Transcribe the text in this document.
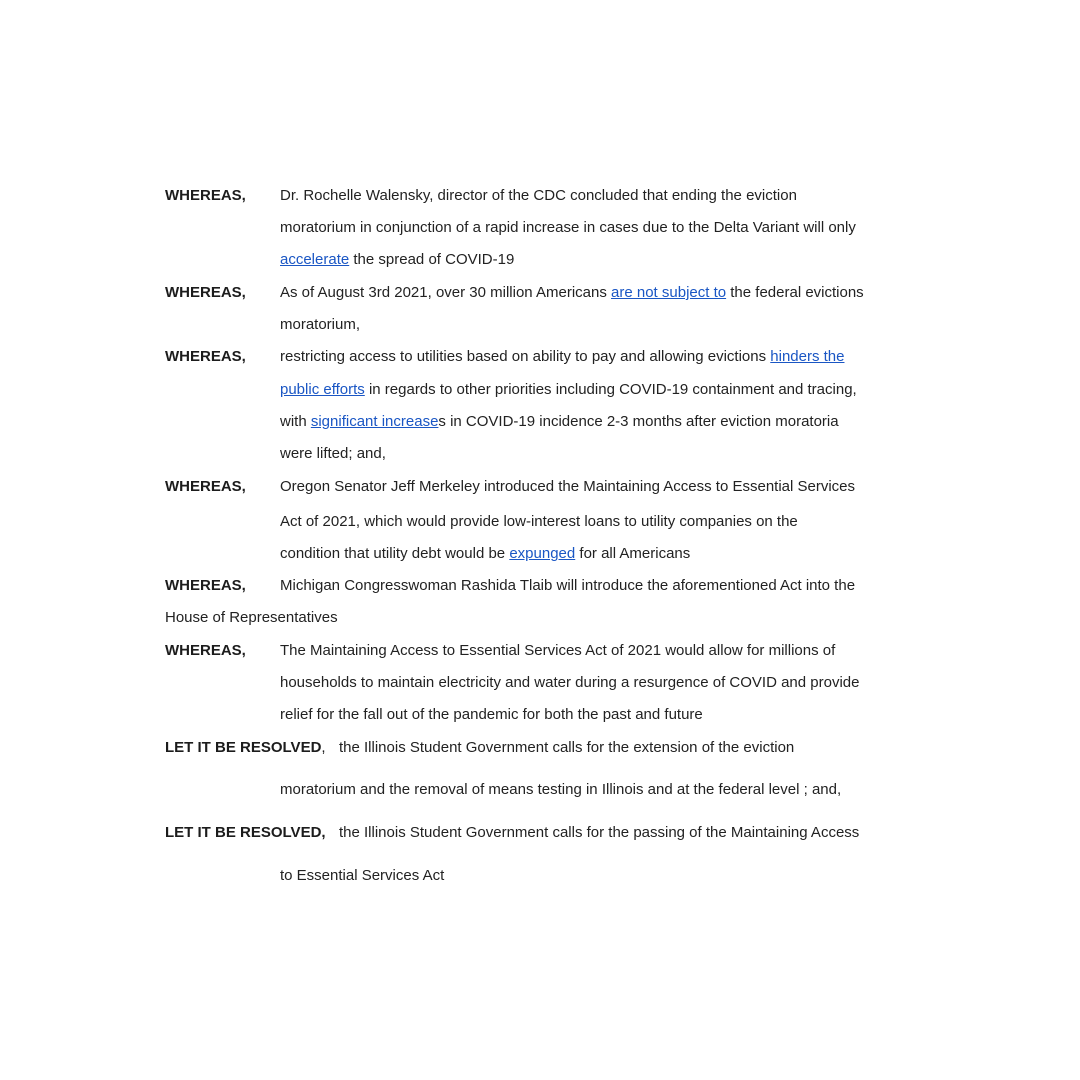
WHEREAS, Dr. Rochelle Walensky, director of the CDC concluded that ending the eviction
moratorium in conjunction of a rapid increase in cases due to the Delta Variant will only
accelerate the spread of COVID-19
WHEREAS, As of August 3rd 2021, over 30 million Americans are not subject to the federal evictions
moratorium,
WHEREAS, restricting access to utilities based on ability to pay and allowing evictions hinders the
public efforts in regards to other priorities including COVID-19 containment and tracing,
with significant increases in COVID-19 incidence 2-3 months after eviction moratoria
were lifted; and,
WHEREAS, Oregon Senator Jeff Merkeley introduced the Maintaining Access to Essential Services
Act of 2021, which would provide low-interest loans to utility companies on the
condition that utility debt would be expunged for all Americans
WHEREAS, Michigan Congresswoman Rashida Tlaib will introduce the aforementioned Act into the
House of Representatives
WHEREAS, The Maintaining Access to Essential Services Act of 2021 would allow for millions of
households to maintain electricity and water during a resurgence of COVID and provide
relief for the fall out of the pandemic for both the past and future
LET IT BE RESOLVED, the Illinois Student Government calls for the extension of the eviction
moratorium and the removal of means testing in Illinois and at the federal level ; and,
LET IT BE RESOLVED, the Illinois Student Government calls for the passing of the Maintaining Access
to Essential Services Act
